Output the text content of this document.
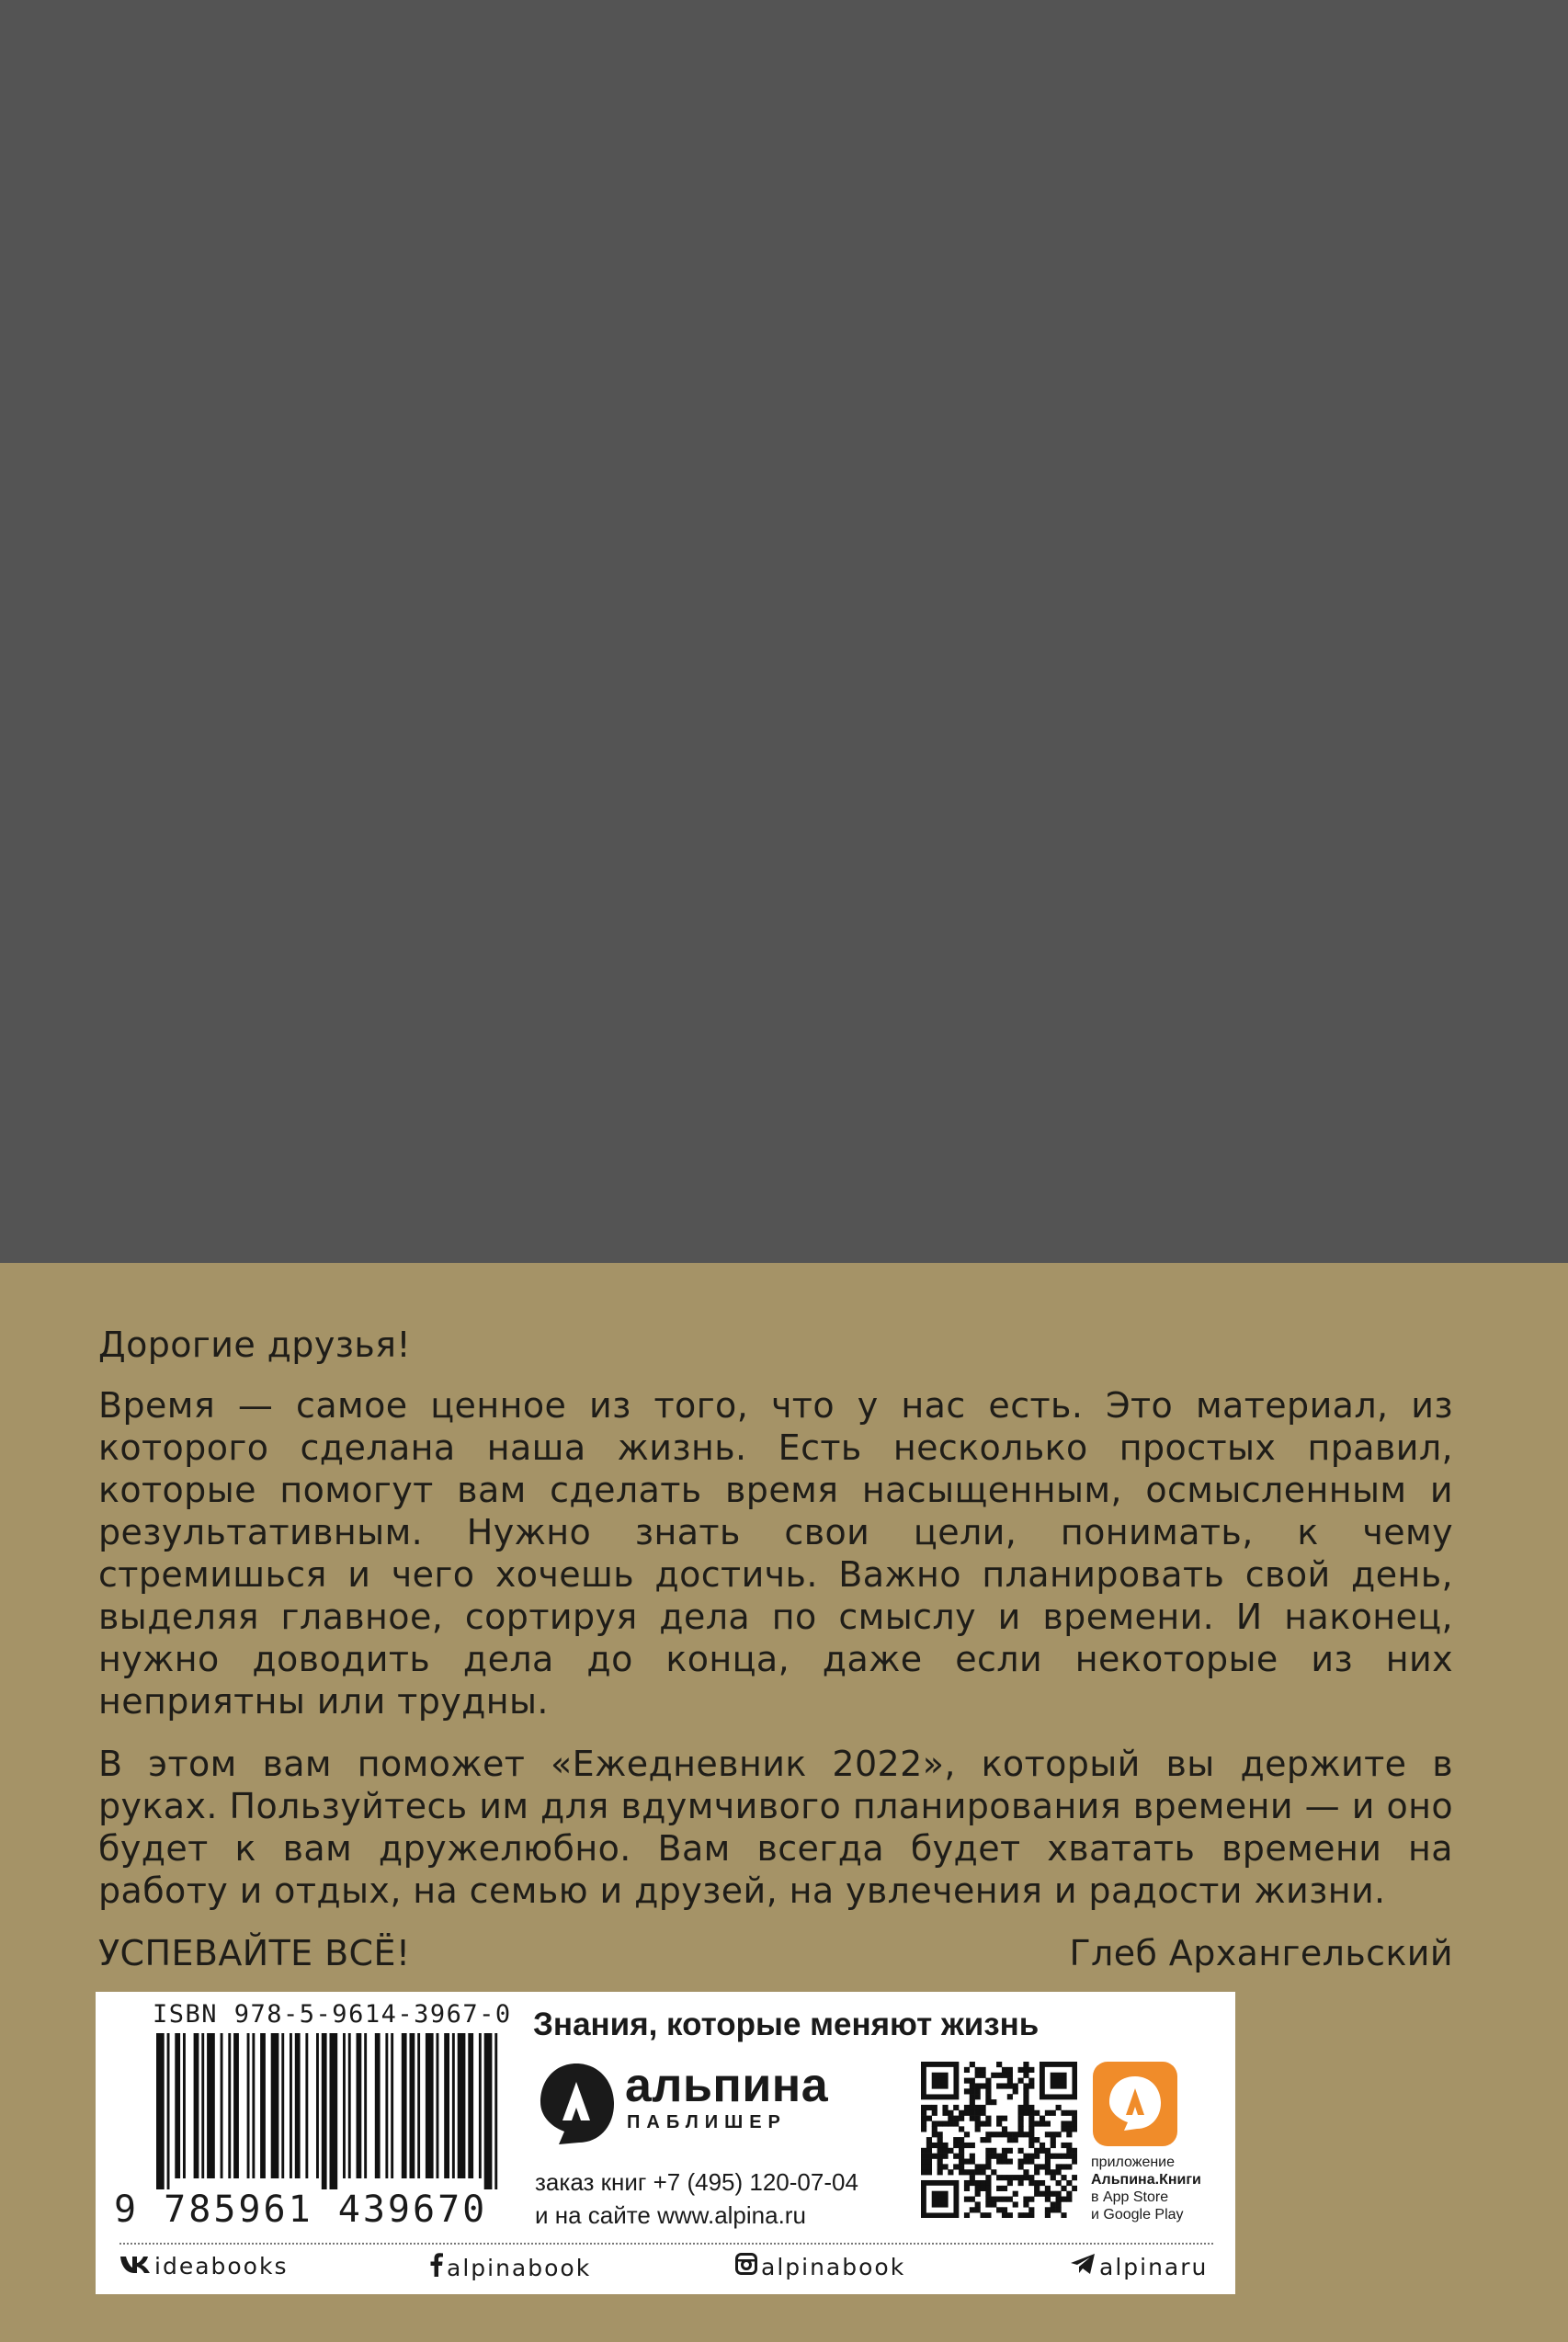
Дорогие друзья!

Время — самое ценное из того, что у нас есть. Это материал, из которого сделана наша жизнь. Есть несколько простых правил, которые помогут вам сделать время насыщенным, осмысленным и результативным. Нужно знать свои цели, понимать, к чему стремишься и чего хочешь достичь. Важно планировать свой день, выделяя главное, сортируя дела по смыслу и времени. И наконец, нужно доводить дела до конца, даже если некоторые из них неприятны или трудны.

В этом вам поможет «Ежедневник 2022», который вы держите в руках. Пользуйтесь им для вдумчивого планирования времени — и оно будет к вам дружелюбно. Вам всегда будет хватать времени на работу и отдых, на семью и друзей, на увлечения и радости жизни.

УСПЕВАЙТЕ ВСЁ!	Глеб Архангельский
ISBN 978-5-9614-3967-0
9 785961 439670
Знания, которые меняют жизнь
альпина
ПАБЛИШЕР
заказ книг +7 (495) 120-07-04
и на сайте www.alpina.ru
приложение
Альпина.Книги
в App Store
и Google Play
ideabooks	alpinabook	alpinabook	alpinaru
